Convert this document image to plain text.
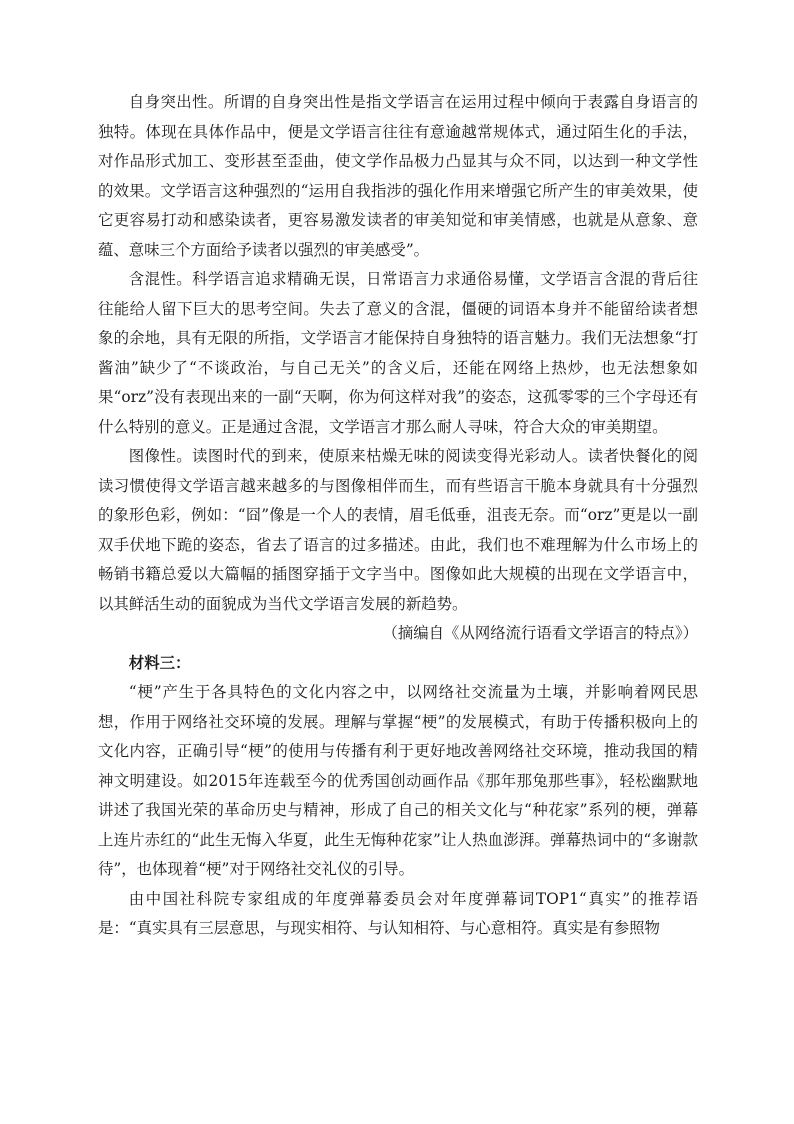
自身突出性。所谓的自身突出性是指文学语言在运用过程中倾向于表露自身语言的独特。体现在具体作品中，便是文学语言往往有意逾越常规体式，通过陌生化的手法，对作品形式加工、变形甚至歪曲，使文学作品极力凸显其与众不同，以达到一种文学性的效果。文学语言这种强烈的“运用自我指涉的强化作用来增强它所产生的审美效果，使它更容易打动和感染读者，更容易激发读者的审美知觉和审美情感，也就是从意象、意蕴、意味三个方面给予读者以强烈的审美感受”。

含混性。科学语言追求精确无误，日常语言力求通俗易懂，文学语言含混的背后往往能给人留下巨大的思考空间。失去了意义的含混，僵硬的词语本身并不能留给读者想象的余地，具有无限的所指，文学语言才能保持自身独特的语言魅力。我们无法想象“打酱油”缺少了“不谈政治，与自己无关”的含义后，还能在网络上热炒，也无法想象如果“orz”没有表现出来的一副“天啊，你为何这样对我”的姿态，这孤零零的三个字母还有什么特别的意义。正是通过含混，文学语言才那么耐人寻味，符合大众的审美期望。

图像性。读图时代的到来，使原来枯燥无味的阅读变得光彩动人。读者快餐化的阅读习惯使得文学语言越来越多的与图像相伴而生，而有些语言干脆本身就具有十分强烈的象形色彩，例如：“囧”像是一个人的表情，眉毛低垂，沮丧无奈。而“orz”更是以一副双手伏地下跪的姿态，省去了语言的过多描述。由此，我们也不难理解为什么市场上的畅销书籍总爱以大篇幅的插图穿插于文字当中。图像如此大规模的出现在文学语言中，以其鲜活生动的面貌成为当代文学语言发展的新趋势。

（摘编自《从网络流行语看文学语言的特点》）

材料三：

“梗”产生于各具特色的文化内容之中，以网络社交流量为土壤，并影响着网民思想，作用于网络社交环境的发展。理解与掌握“梗”的发展模式，有助于传播积极向上的文化内容，正确引导“梗”的使用与传播有利于更好地改善网络社交环境，推动我国的精神文明建设。如2015年连载至今的优秀国创动画作品《那年那兔那些事》，轻松幽默地讲述了我国光荣的革命历史与精神，形成了自己的相关文化与“种花家”系列的梗，弹幕上连片赤红的“此生无悔入华夏，此生无悔种花家”让人热血澎湃。弹幕热词中的“多谢款待”，也体现着“梗”对于网络社交礼仪的引导。

由中国社科院专家组成的年度弹幕委员会对年度弹幕词TOP1“真实”的推荐语是：“真实具有三层意思，与现实相符、与认知相符、与心意相符。真实是有参照物
